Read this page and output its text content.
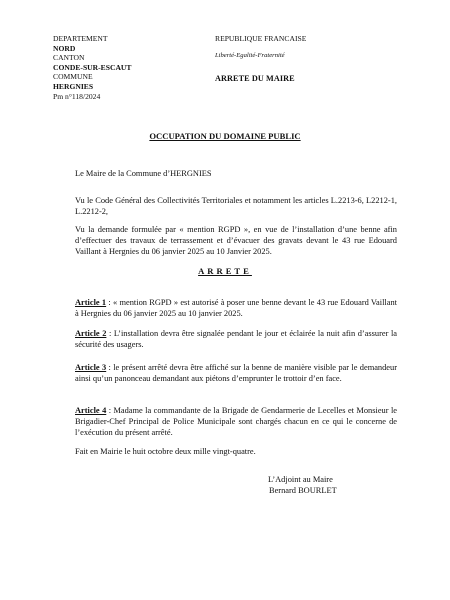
DEPARTEMENT
NORD
CANTON
CONDE-SUR-ESCAUT
COMMUNE
HERGNIES
Pm n°118/2024
REPUBLIQUE FRANCAISE
Liberté-Egalité-Fraternité
ARRETE DU MAIRE
OCCUPATION DU DOMAINE PUBLIC
Le Maire de la Commune d’HERGNIES
Vu le Code Général des Collectivités Territoriales et notamment les articles L.2213-6, L2212-1, L.2212-2,
Vu la demande formulée par « mention RGPD », en vue de l’installation d’une benne afin d’effectuer des travaux de terrassement et d’évacuer des gravats devant le 43 rue Edouard Vaillant à Hergnies du 06 janvier 2025 au 10 Janvier 2025.
ARRETE
Article 1 : « mention RGPD » est autorisé à poser une benne devant le 43 rue Edouard Vaillant à Hergnies du 06 janvier 2025 au 10 janvier 2025.
Article 2 : L’installation devra être signalée pendant le jour et éclairée la nuit afin d’assurer la sécurité des usagers.
Article 3 : le présent arrêté devra être affiché sur la benne de manière visible par le demandeur ainsi qu’un panonceau demandant aux piétons d’emprunter le trottoir d’en face.
Article 4 : Madame la commandante de la Brigade de Gendarmerie de Lecelles et Monsieur le Brigadier-Chef Principal de Police Municipale sont chargés chacun en ce qui le concerne de l’exécution du présent arrêté.
Fait en Mairie le huit octobre deux mille vingt-quatre.
L’Adjoint au Maire
Bernard BOURLET
